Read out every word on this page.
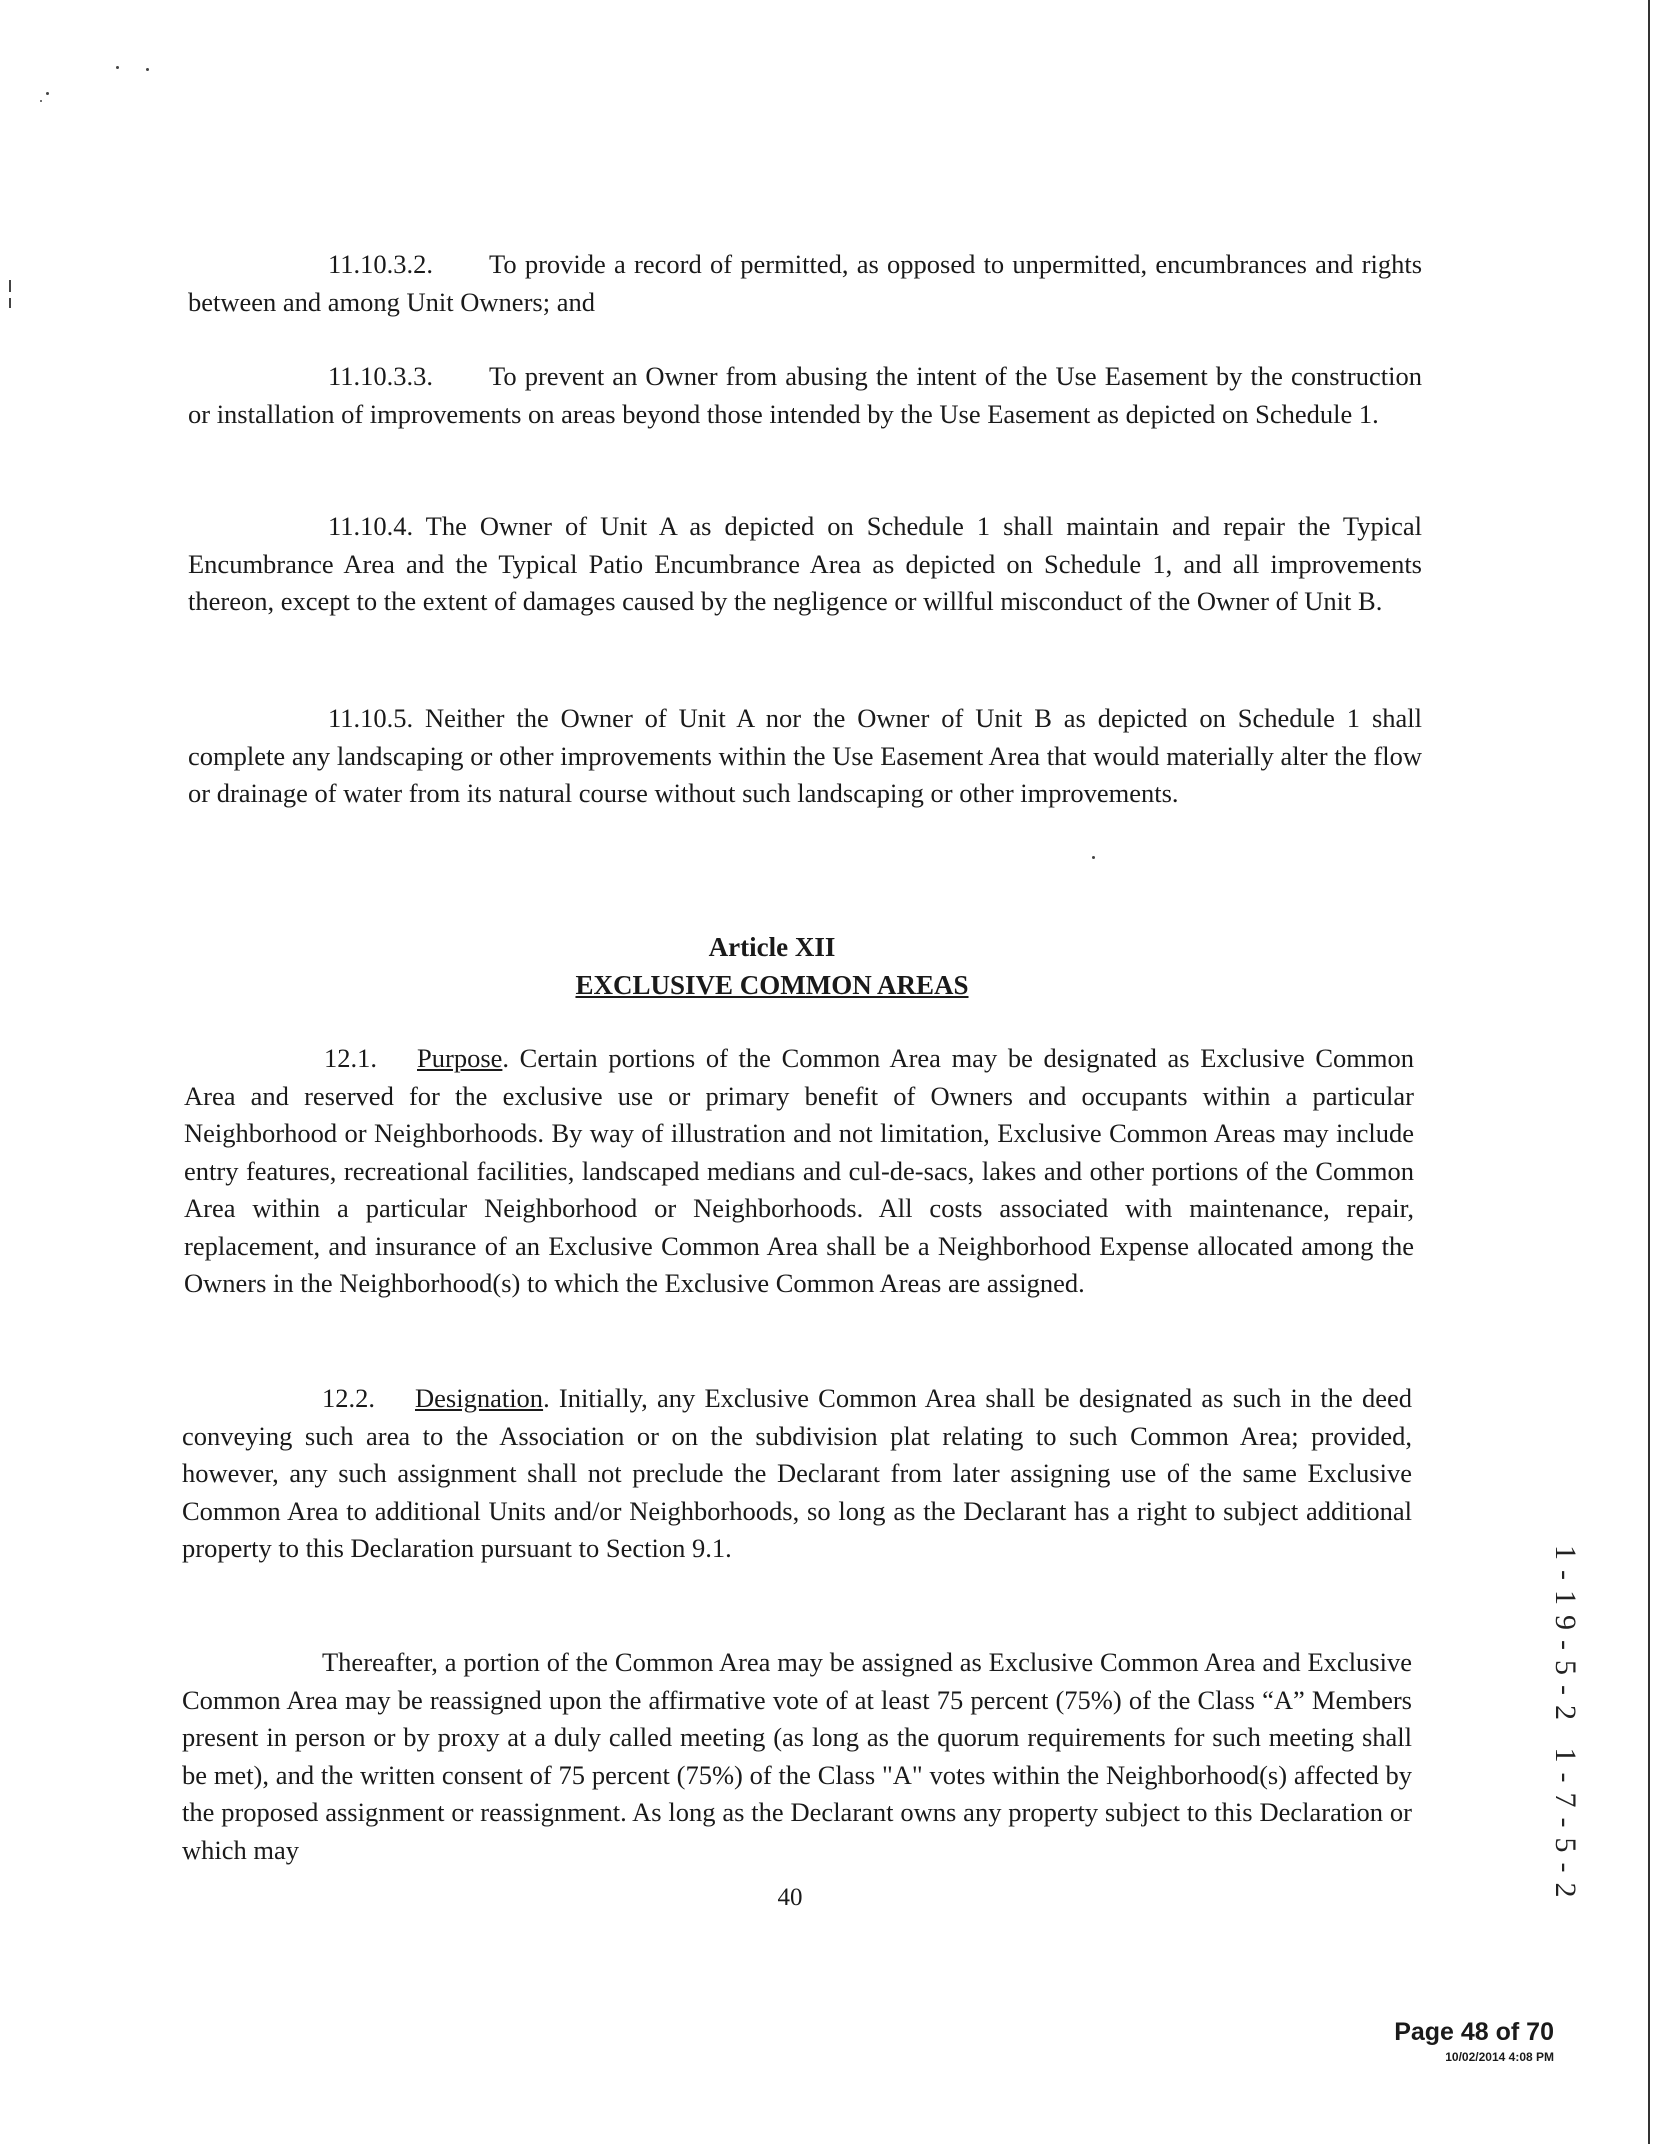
11.10.3.2. To provide a record of permitted, as opposed to unpermitted, encumbrances and rights between and among Unit Owners; and

11.10.3.3. To prevent an Owner from abusing the intent of the Use Easement by the construction or installation of improvements on areas beyond those intended by the Use Easement as depicted on Schedule 1.

11.10.4. The Owner of Unit A as depicted on Schedule 1 shall maintain and repair the Typical Encumbrance Area and the Typical Patio Encumbrance Area as depicted on Schedule 1, and all improvements thereon, except to the extent of damages caused by the negligence or willful misconduct of the Owner of Unit B.

11.10.5. Neither the Owner of Unit A nor the Owner of Unit B as depicted on Schedule 1 shall complete any landscaping or other improvements within the Use Easement Area that would materially alter the flow or drainage of water from its natural course without such landscaping or other improvements.

Article XII

EXCLUSIVE COMMON AREAS

12.1. Purpose. Certain portions of the Common Area may be designated as Exclusive Common Area and reserved for the exclusive use or primary benefit of Owners and occupants within a particular Neighborhood or Neighborhoods. By way of illustration and not limitation, Exclusive Common Areas may include entry features, recreational facilities, landscaped medians and cul-de-sacs, lakes and other portions of the Common Area within a particular Neighborhood or Neighborhoods. All costs associated with maintenance, repair, replacement, and insurance of an Exclusive Common Area shall be a Neighborhood Expense allocated among the Owners in the Neighborhood(s) to which the Exclusive Common Areas are assigned.

12.2. Designation. Initially, any Exclusive Common Area shall be designated as such in the deed conveying such area to the Association or on the subdivision plat relating to such Common Area; provided, however, any such assignment shall not preclude the Declarant from later assigning use of the same Exclusive Common Area to additional Units and/or Neighborhoods, so long as the Declarant has a right to subject additional property to this Declaration pursuant to Section 9.1.

Thereafter, a portion of the Common Area may be assigned as Exclusive Common Area and Exclusive Common Area may be reassigned upon the affirmative vote of at least 75 percent (75%) of the Class “A” Members present in person or by proxy at a duly called meeting (as long as the quorum requirements for such meeting shall be met), and the written consent of 75 percent (75%) of the Class "A" votes within the Neighborhood(s) affected by the proposed assignment or reassignment. As long as the Declarant owns any property subject to this Declaration or which may

40	1-19-5-2 1-7-5-2
Page 48 of 70
10/02/2014 4:08 PM
